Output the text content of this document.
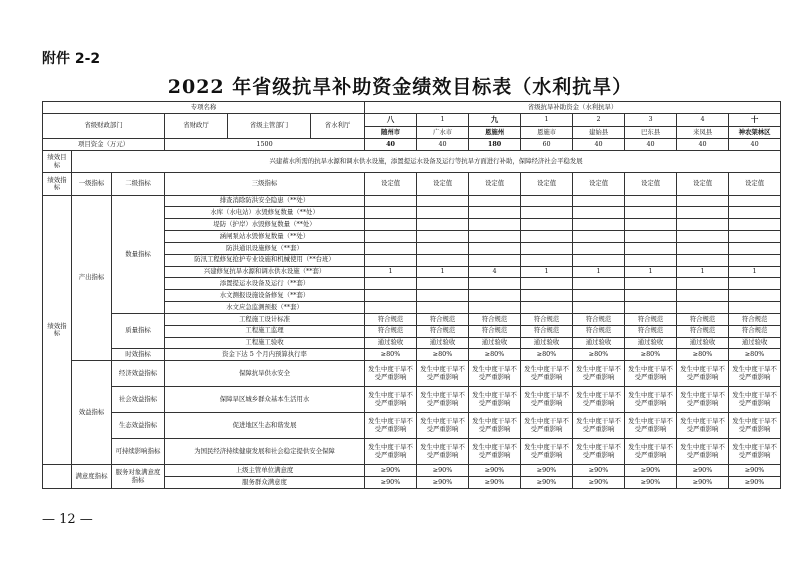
附件 2-2
2022 年省级抗旱补助资金绩效目标表（水利抗旱）
专项名称						省级抗旱补助资金（水利抗旱）							
省级财政部门			省财政厅	省级主管部门	省水利厅	八	1	九	1	2	3	4	十
						随州市	广水市	恩施州	恩施市	建始县	巴东县	来凤县	神农架林区
项目资金（万元）			1500			40	40	180	60	40	40	40	40
绩效目标	兴建蓄水所需的抗旱水源和调水供水设施，添置提运水设备及运行等抗旱方面进行补助，保障经济社会平稳发展												
绩效指标	一级指标	二级指标	三级指标			设定值	设定值	设定值	设定值	设定值	设定值	设定值	设定值
绩效指标	产出指标	数量指标	排查消除防洪安全隐患（**处）										
			水库（水电站）水毁修复数量（**处）										
			堤防（护岸）水毁修复数量（**处）										
			涵闸泵站水毁修复数量（**处）										
			防洪通讯设施修复（**套）										
			防汛工程修复抢护专业设施和机械使用（**台班）										
			兴建修复抗旱水源和调水供水设施（**套）			1	1	4	1	1	1	1	1
			添置提运水设备及运行（**套）										
			水文测报设施设备修复（**套）										
			水文应急监测预报（**套）										
		质量指标	工程施工设计标准			符合规范	符合规范	符合规范	符合规范	符合规范	符合规范	符合规范	符合规范
			工程施工监理			符合规范	符合规范	符合规范	符合规范	符合规范	符合规范	符合规范	符合规范
			工程施工验收			通过验收	通过验收	通过验收	通过验收	通过验收	通过验收	通过验收	通过验收
		时效指标	资金下达 5 个月内预算执行率			≥80%	≥80%	≥80%	≥80%	≥80%	≥80%	≥80%	≥80%
	效益指标	经济效益指标	保障抗旱供水安全			发生中度干旱不受严重影响	发生中度干旱不受严重影响	发生中度干旱不受严重影响	发生中度干旱不受严重影响	发生中度干旱不受严重影响	发生中度干旱不受严重影响	发生中度干旱不受严重影响	发生中度干旱不受严重影响
		社会效益指标	保障旱区城乡群众基本生活用水			发生中度干旱不受严重影响	发生中度干旱不受严重影响	发生中度干旱不受严重影响	发生中度干旱不受严重影响	发生中度干旱不受严重影响	发生中度干旱不受严重影响	发生中度干旱不受严重影响	发生中度干旱不受严重影响
		生态效益指标	促进地区生态和谐发展			发生中度干旱不受严重影响	发生中度干旱不受严重影响	发生中度干旱不受严重影响	发生中度干旱不受严重影响	发生中度干旱不受严重影响	发生中度干旱不受严重影响	发生中度干旱不受严重影响	发生中度干旱不受严重影响
		可持续影响指标	为国民经济持续健康发展和社会稳定提供安全保障			发生中度干旱不受严重影响	发生中度干旱不受严重影响	发生中度干旱不受严重影响	发生中度干旱不受严重影响	发生中度干旱不受严重影响	发生中度干旱不受严重影响	发生中度干旱不受严重影响	发生中度干旱不受严重影响
	满意度指标	服务对象满意度指标	上级主管单位满意度			≥90%	≥90%	≥90%	≥90%	≥90%	≥90%	≥90%	≥90%
			服务群众满意度			≥90%	≥90%	≥90%	≥90%	≥90%	≥90%	≥90%	≥90%
— 12 —
